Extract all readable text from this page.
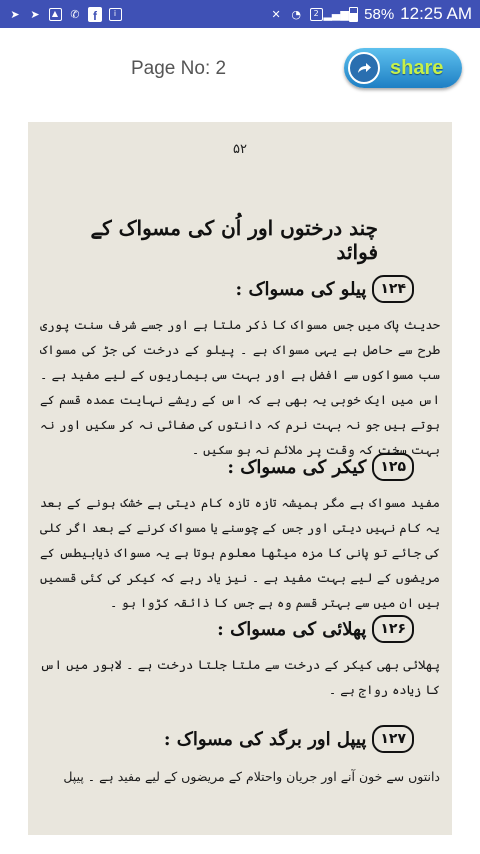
➤ ➤	▲	✆	f	i	✕ ◔	2 ▂▄▆ 58% 12:25 AM
Page No: 2	share
۵۲
چند درختوں اور اُن کی مسواک کے فوائد
۱۲۴
پیلو کی مسواک :
حدیث پاک میں جس مسواک کا ذکر ملتا ہے اور جسے شرف سنت پوری طرح سے حاصل ہے یہی مسواک ہے ۔ پیلو کے درخت کی جڑ کی مسواک سب مسواکوں سے افضل ہے اور بہت سی بیماریوں کے لیے مفید ہے ۔ اس میں ایک خوبی یہ بھی ہے کہ اس کے ریشے نہایت عمدہ قسم کے ہوتے ہیں جو نہ بہت نرم کہ دانتوں کی صفائی نہ کر سکیں اور نہ بہت سخت کہ وقت پر ملائم نہ ہو سکیں ۔
۱۲۵
کیکر کی مسواک :
مفید مسواک ہے مگر ہمیشہ تازہ تازہ کام دیتی ہے خشک ہونے کے بعد یہ کام نہیں دیتی اور جس کے چوسنے یا مسواک کرنے کے بعد اگر کلی کی جائے تو پانی کا مزہ میٹھا معلوم ہوتا ہے یہ مسواک ذیابیطس کے مریضوں کے لیے بہت مفید ہے ۔ نیز یاد رہے کہ کیکر کی کئی قسمیں ہیں ان میں سے بہتر قسم وہ ہے جس کا ذائقہ کڑوا ہو ۔
۱۲۶
پھلائی کی مسواک :
پھلائی بھی کیکر کے درخت سے ملتا جلتا درخت ہے ۔ لاہور میں اس کا زیادہ رواج ہے ۔
۱۲۷
پیپل اور برگد کی مسواک :
دانتوں سے خون آنے اور جریان واحتلام کے مریضوں کے لیے مفید ہے ۔ پیپل
